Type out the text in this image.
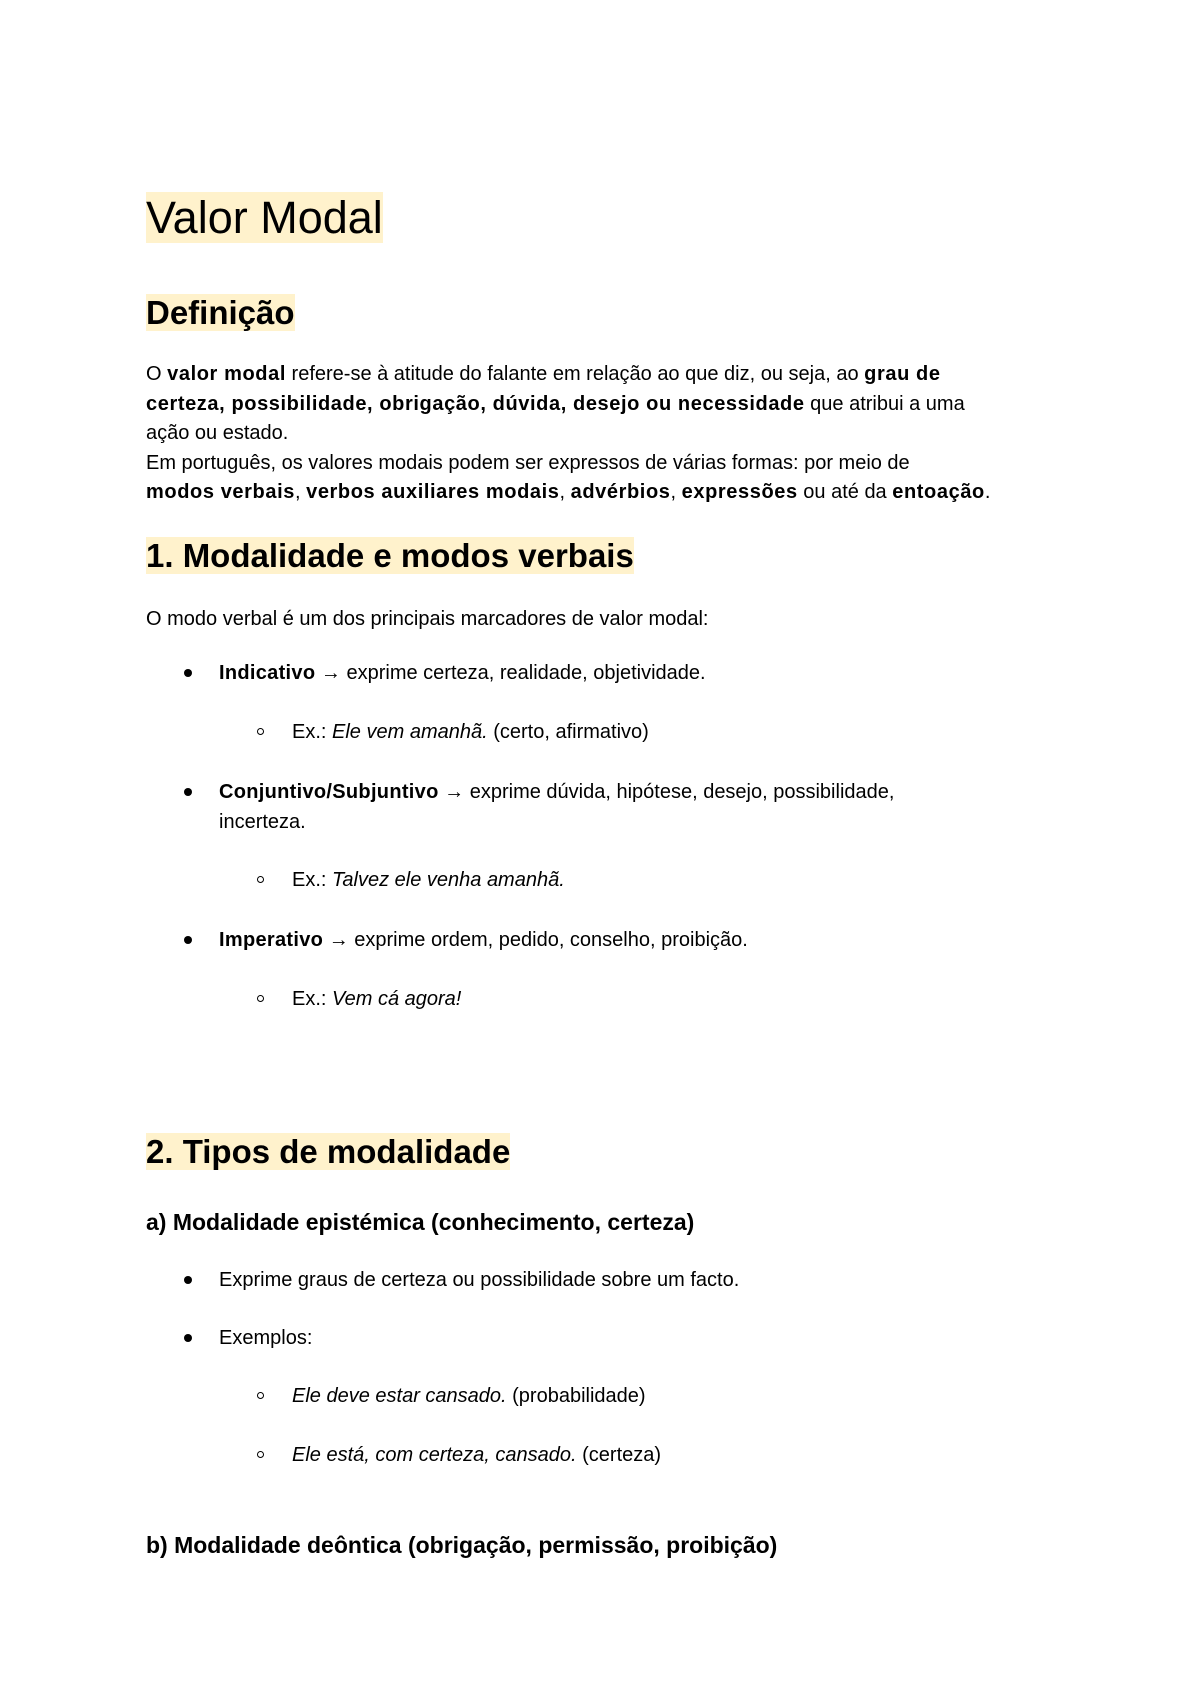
Valor Modal
Definição
O valor modal refere-se à atitude do falante em relação ao que diz, ou seja, ao grau de
certeza, possibilidade, obrigação, dúvida, desejo ou necessidade que atribui a uma
ação ou estado.
Em português, os valores modais podem ser expressos de várias formas: por meio de
modos verbais, verbos auxiliares modais, advérbios, expressões ou até da entoação.
1. Modalidade e modos verbais
O modo verbal é um dos principais marcadores de valor modal:
Indicativo → exprime certeza, realidade, objetividade.
Ex.: Ele vem amanhã. (certo, afirmativo)
Conjuntivo/Subjuntivo → exprime dúvida, hipótese, desejo, possibilidade,
incerteza.
Ex.: Talvez ele venha amanhã.
Imperativo → exprime ordem, pedido, conselho, proibição.
Ex.: Vem cá agora!
2. Tipos de modalidade
a) Modalidade epistémica (conhecimento, certeza)
Exprime graus de certeza ou possibilidade sobre um facto.
Exemplos:
Ele deve estar cansado. (probabilidade)
Ele está, com certeza, cansado. (certeza)
b) Modalidade deôntica (obrigação, permissão, proibição)
